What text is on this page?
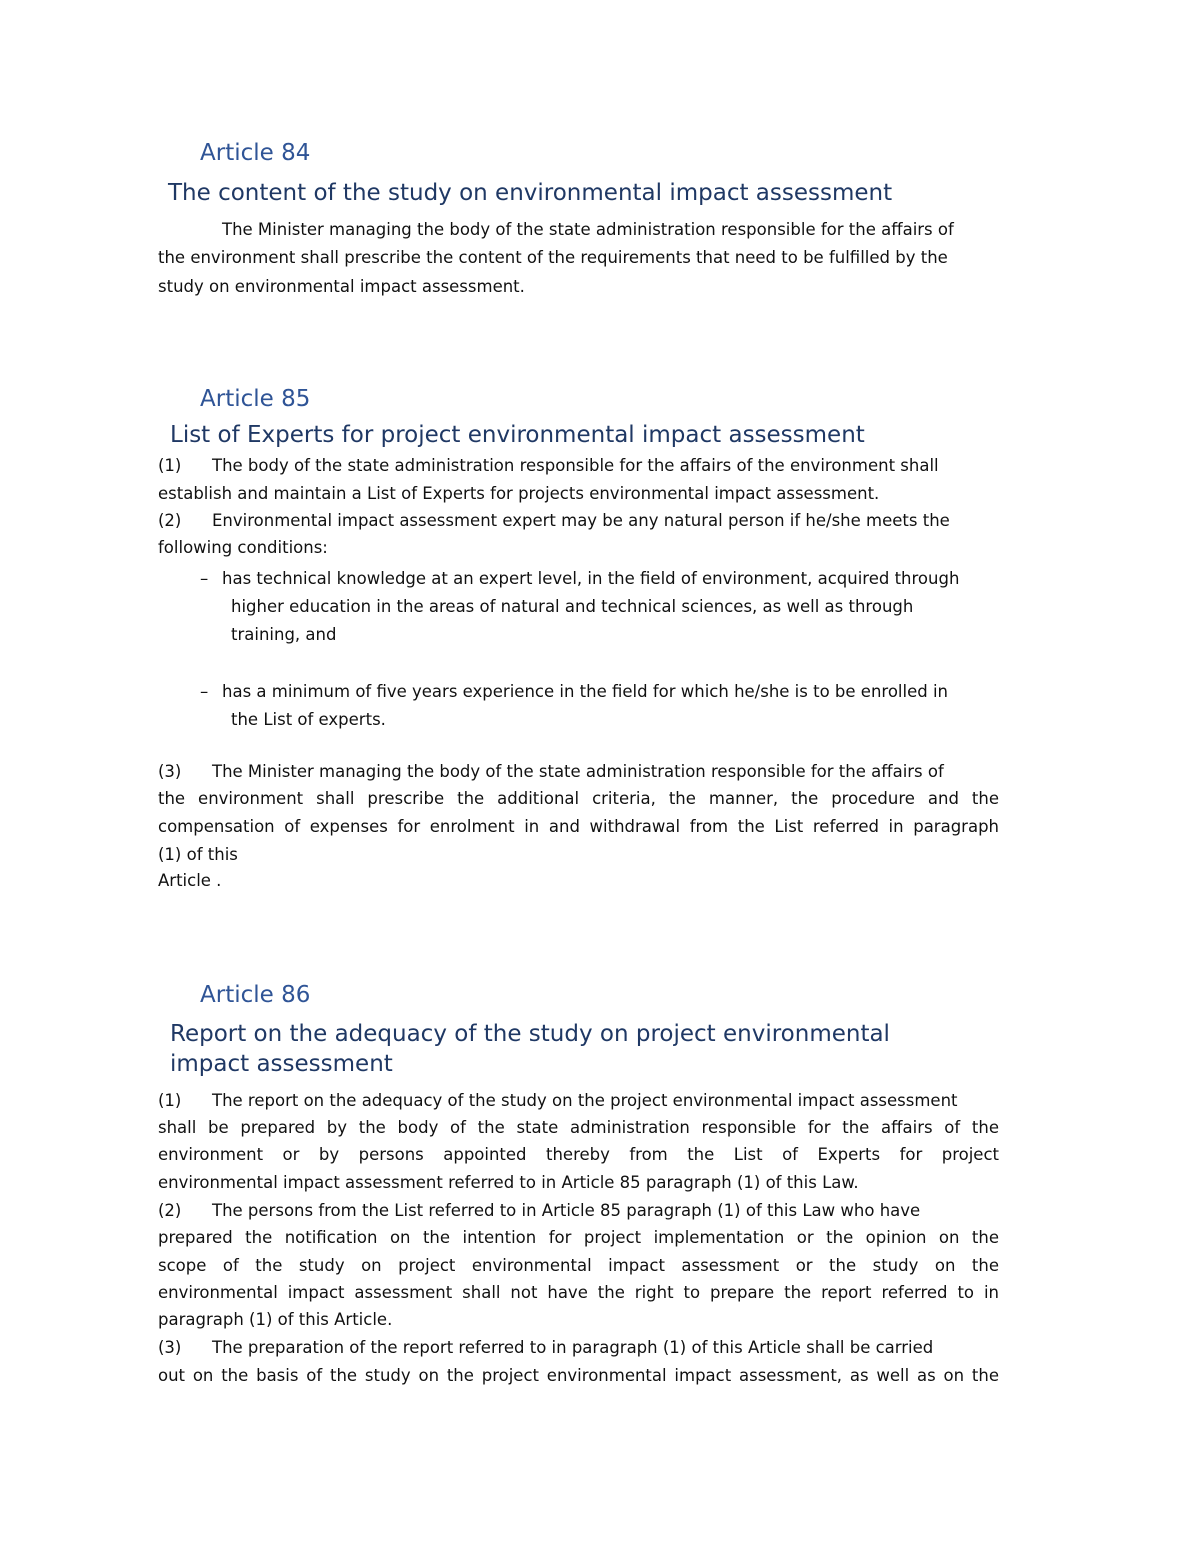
Article 84
The content of the study on environmental impact assessment
The Minister managing the body of the state administration responsible for the affairs of
the environment shall prescribe the content of the requirements that need to be fulfilled by the
study on environmental impact assessment.
Article 85
List of Experts for project environmental impact assessment
(1) The body of the state administration responsible for the affairs of the environment shall
establish and maintain a List of Experts for projects environmental impact assessment.
(2) Environmental impact assessment expert may be any natural person if he/she meets the
following conditions:
– has technical knowledge at an expert level, in the field of environment, acquired through
higher education in the areas of natural and technical sciences, as well as through
training, and
– has a minimum of five years experience in the field for which he/she is to be enrolled in
the List of experts.
(3) The Minister managing the body of the state administration responsible for the affairs of
the environment shall prescribe the additional criteria, the manner, the procedure and the
compensation of expenses for enrolment in and withdrawal from the List referred in paragraph
(1) of this
Article .
Article 86
Report on the adequacy of the study on project environmental
impact assessment
(1) The report on the adequacy of the study on the project environmental impact assessment
shall be prepared by the body of the state administration responsible for the affairs of the
environment or by persons appointed thereby from the List of Experts for project
environmental impact assessment referred to in Article 85 paragraph (1) of this Law.
(2) The persons from the List referred to in Article 85 paragraph (1) of this Law who have
prepared the notification on the intention for project implementation or the opinion on the
scope of the study on project environmental impact assessment or the study on the
environmental impact assessment shall not have the right to prepare the report referred to in
paragraph (1) of this Article.
(3) The preparation of the report referred to in paragraph (1) of this Article shall be carried
out on the basis of the study on the project environmental impact assessment, as well as on the
